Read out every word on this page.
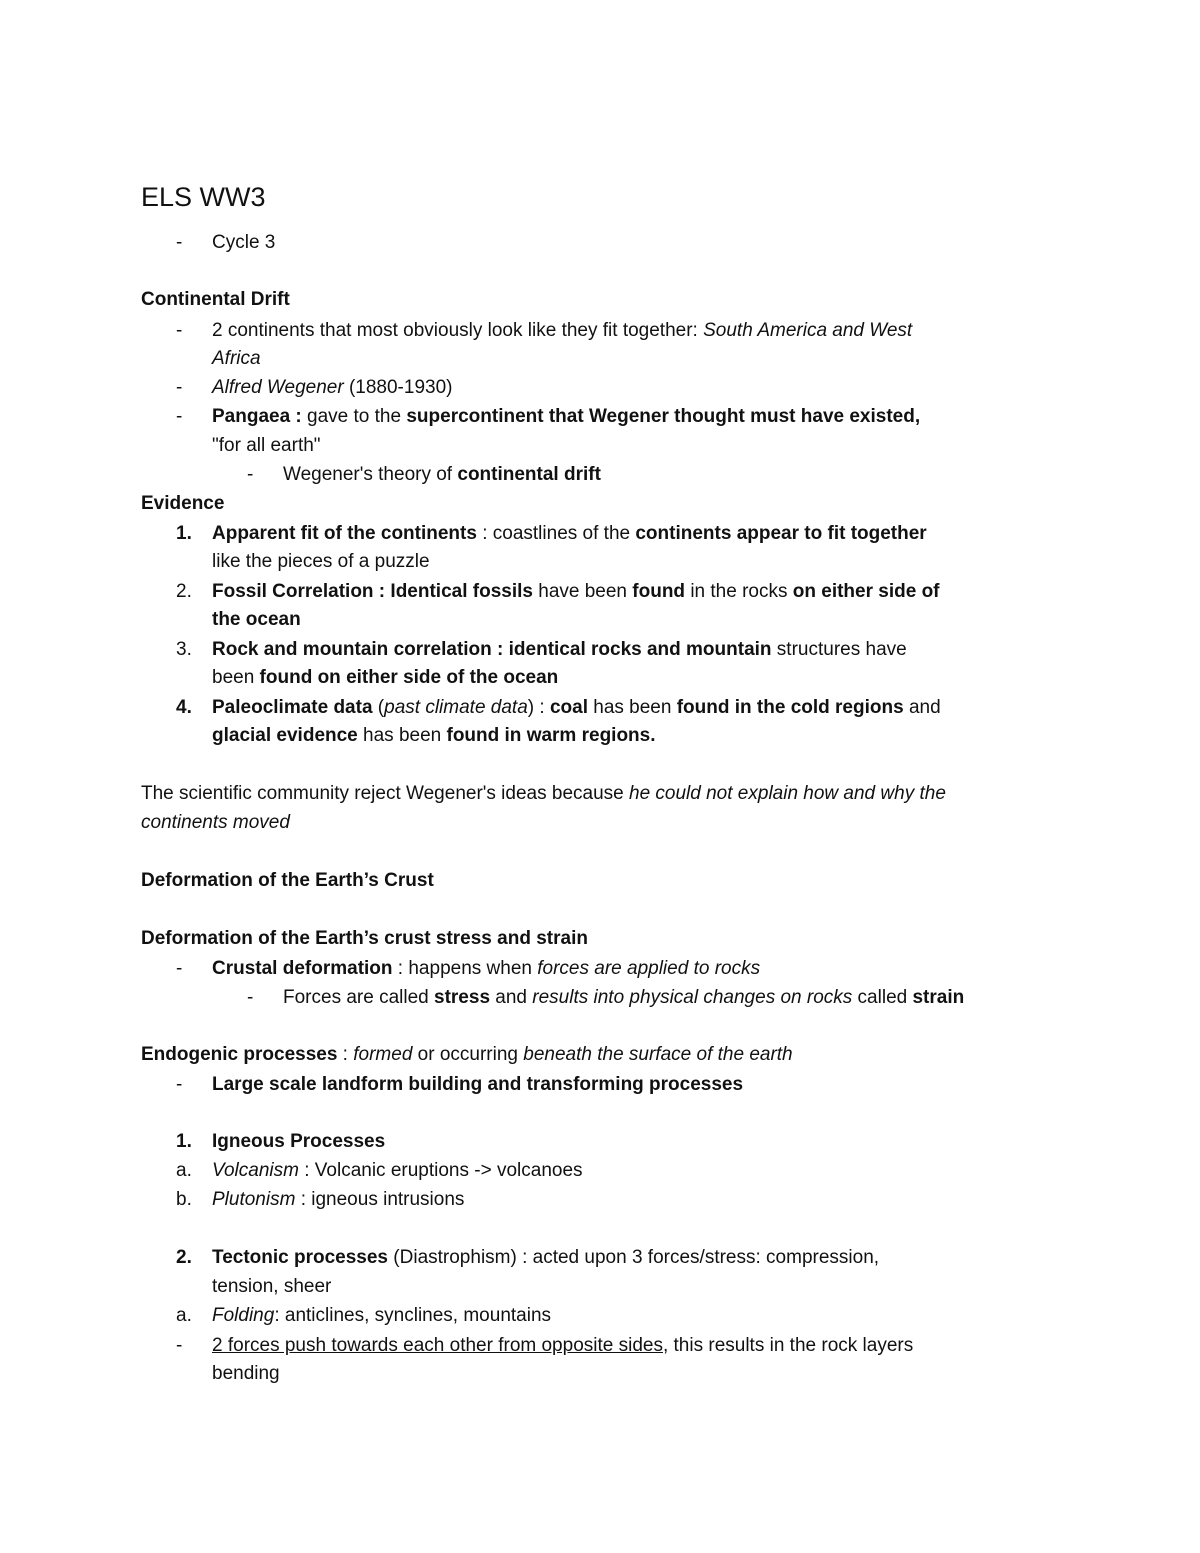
ELS WW3
- Cycle 3
Continental Drift
- 2 continents that most obviously look like they fit together: South America and West
Africa
- Alfred Wegener (1880-1930)
- Pangaea : gave to the supercontinent that Wegener thought must have existed,
"for all earth"
- Wegener's theory of continental drift
Evidence
1. Apparent fit of the continents : coastlines of the continents appear to fit together
like the pieces of a puzzle
2. Fossil Correlation : Identical fossils have been found in the rocks on either side of
the ocean
3. Rock and mountain correlation : identical rocks and mountain structures have
been found on either side of the ocean
4. Paleoclimate data (past climate data) : coal has been found in the cold regions and
glacial evidence has been found in warm regions.
The scientific community reject Wegener's ideas because he could not explain how and why the
continents moved
Deformation of the Earth’s Crust
Deformation of the Earth’s crust stress and strain
- Crustal deformation : happens when forces are applied to rocks
- Forces are called stress and results into physical changes on rocks called strain
Endogenic processes : formed or occurring beneath the surface of the earth
- Large scale landform building and transforming processes
1. Igneous Processes
a. Volcanism : Volcanic eruptions -> volcanoes
b. Plutonism : igneous intrusions
2. Tectonic processes (Diastrophism) : acted upon 3 forces/stress: compression,
tension, sheer
a. Folding: anticlines, synclines, mountains
- 2 forces push towards each other from opposite sides, this results in the rock layers
bending
